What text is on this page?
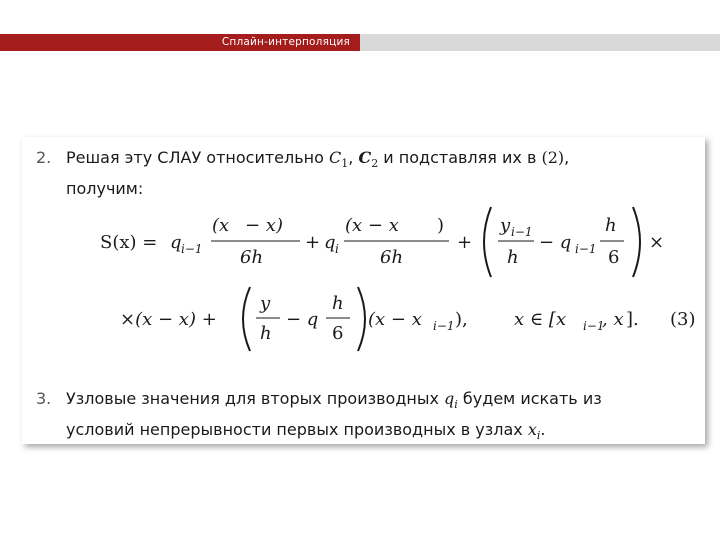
Сплайн-интерполяция
2. Решая эту СЛАУ относительно $C_1$, $C_2$ и подставляя их в (2),
получим:
S(x) = q i−1
(x − x)
6h
+ q i
(x − x )
6h
+
y i−1
h
− q i−1
h
6
×
×(x − x) +
y
h
− q
h
6
(x − x i−1 ),	x ∈ [x i−1
, x ]. (3)
3. Узловые значения для вторых производных $q_i$ будем искать из
условий непрерывности первых производных в узлах $x_i$.
